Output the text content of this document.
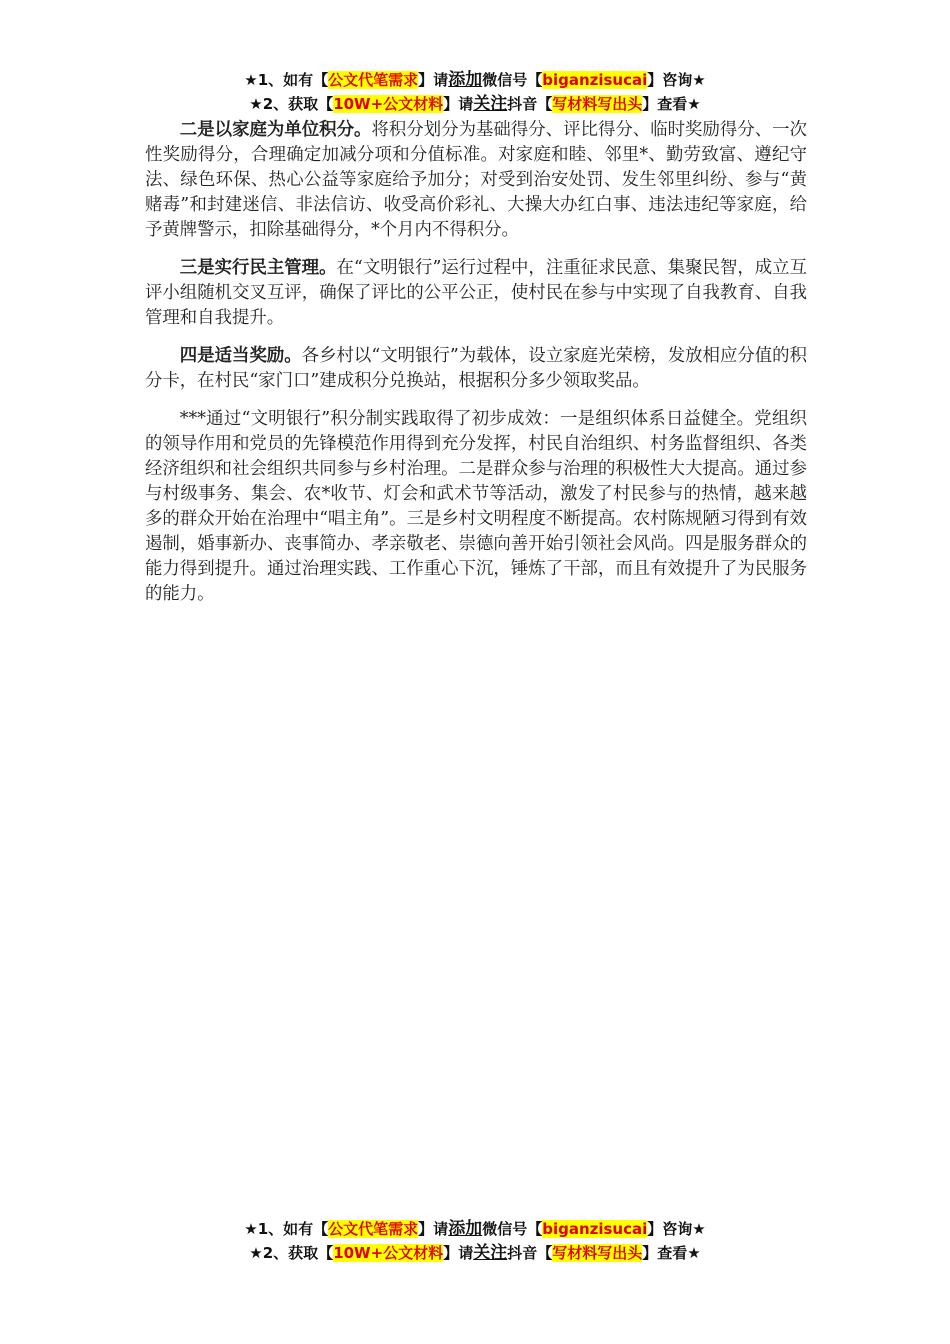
★1、如有【公文代笔需求】请添加微信号【biganzisucai】咨询★
★2、获取【10W+公文材料】请关注抖音【写材料写出头】查看★

二是以家庭为单位积分。将积分划分为基础得分、评比得分、临时奖励得分、一次性奖励得分，合理确定加减分项和分值标准。对家庭和睦、邻里*、勤劳致富、遵纪守法、绿色环保、热心公益等家庭给予加分；对受到治安处罚、发生邻里纠纷、参与“黄赌毒”和封建迷信、非法信访、收受高价彩礼、大操大办红白事、违法违纪等家庭，给予黄牌警示，扣除基础得分，*个月内不得积分。

三是实行民主管理。在“文明银行”运行过程中，注重征求民意、集聚民智，成立互评小组随机交叉互评，确保了评比的公平公正，使村民在参与中实现了自我教育、自我管理和自我提升。

四是适当奖励。各乡村以“文明银行”为载体，设立家庭光荣榜，发放相应分值的积分卡，在村民“家门口”建成积分兑换站，根据积分多少领取奖品。

***通过“文明银行”积分制实践取得了初步成效：一是组织体系日益健全。党组织的领导作用和党员的先锋模范作用得到充分发挥，村民自治组织、村务监督组织、各类经济组织和社会组织共同参与乡村治理。二是群众参与治理的积极性大大提高。通过参与村级事务、集会、农*收节、灯会和武术节等活动，激发了村民参与的热情，越来越多的群众开始在治理中“唱主角”。三是乡村文明程度不断提高。农村陈规陋习得到有效遏制，婚事新办、丧事简办、孝亲敬老、崇德向善开始引领社会风尚。四是服务群众的能力得到提升。通过治理实践、工作重心下沉，锤炼了干部，而且有效提升了为民服务的能力。

★1、如有【公文代笔需求】请添加微信号【biganzisucai】咨询★
★2、获取【10W+公文材料】请关注抖音【写材料写出头】查看★
